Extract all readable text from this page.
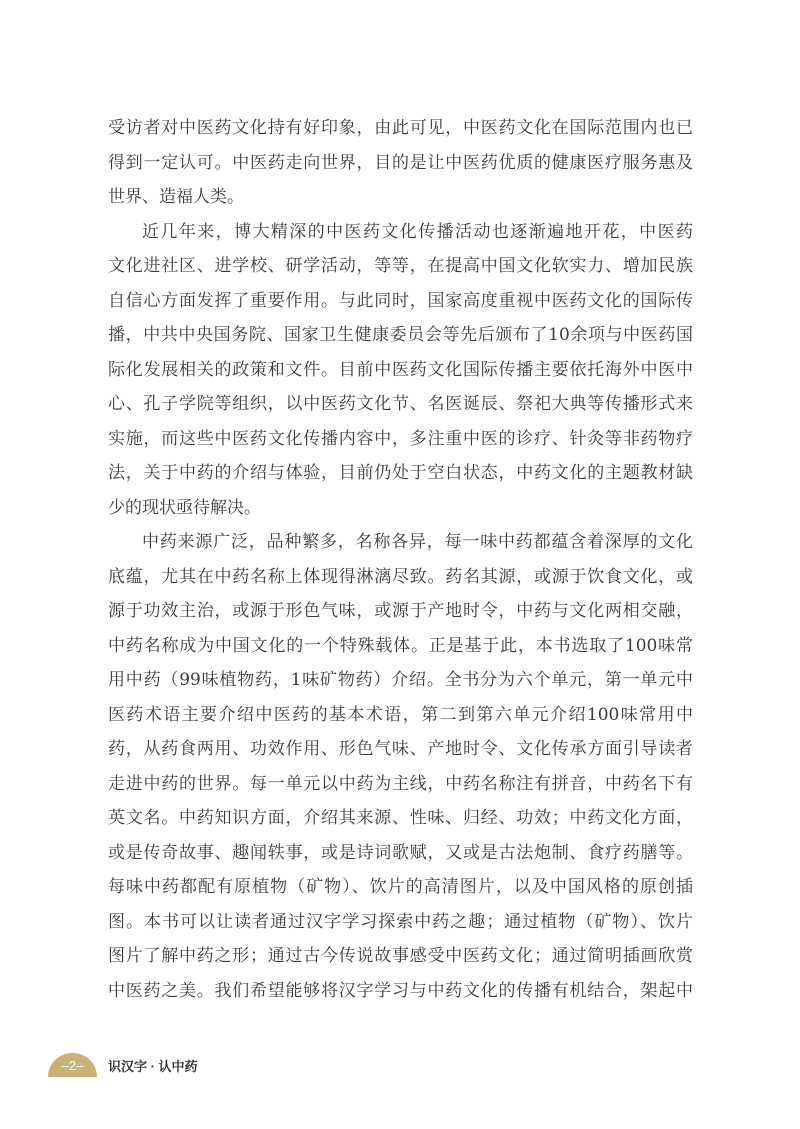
受访者对中医药文化持有好印象，由此可见，中医药文化在国际范围内也已
得到一定认可。中医药走向世界，目的是让中医药优质的健康医疗服务惠及
世界、造福人类。
近几年来，博大精深的中医药文化传播活动也逐渐遍地开花，中医药
文化进社区、进学校、研学活动，等等，在提高中国文化软实力、增加民族
自信心方面发挥了重要作用。与此同时，国家高度重视中医药文化的国际传
播，中共中央国务院、国家卫生健康委员会等先后颁布了10余项与中医药国
际化发展相关的政策和文件。目前中医药文化国际传播主要依托海外中医中
心、孔子学院等组织，以中医药文化节、名医诞辰、祭祀大典等传播形式来
实施，而这些中医药文化传播内容中，多注重中医的诊疗、针灸等非药物疗
法，关于中药的介绍与体验，目前仍处于空白状态，中药文化的主题教材缺
少的现状亟待解决。
中药来源广泛，品种繁多，名称各异，每一味中药都蕴含着深厚的文化
底蕴，尤其在中药名称上体现得淋漓尽致。药名其源，或源于饮食文化，或
源于功效主治，或源于形色气味，或源于产地时令，中药与文化两相交融，
中药名称成为中国文化的一个特殊载体。正是基于此，本书选取了100味常
用中药（99味植物药，1味矿物药）介绍。全书分为六个单元，第一单元中
医药术语主要介绍中医药的基本术语，第二到第六单元介绍100味常用中
药，从药食两用、功效作用、形色气味、产地时令、文化传承方面引导读者
走进中药的世界。每一单元以中药为主线，中药名称注有拼音，中药名下有
英文名。中药知识方面，介绍其来源、性味、归经、功效；中药文化方面，
或是传奇故事、趣闻轶事，或是诗词歌赋，又或是古法炮制、食疗药膳等。
每味中药都配有原植物（矿物）、饮片的高清图片，以及中国风格的原创插
图。本书可以让读者通过汉字学习探索中药之趣；通过植物（矿物）、饮片
图片了解中药之形；通过古今传说故事感受中医药文化；通过简明插画欣赏
中医药之美。我们希望能够将汉字学习与中药文化的传播有机结合，架起中
–2–	识汉字 · 认中药
